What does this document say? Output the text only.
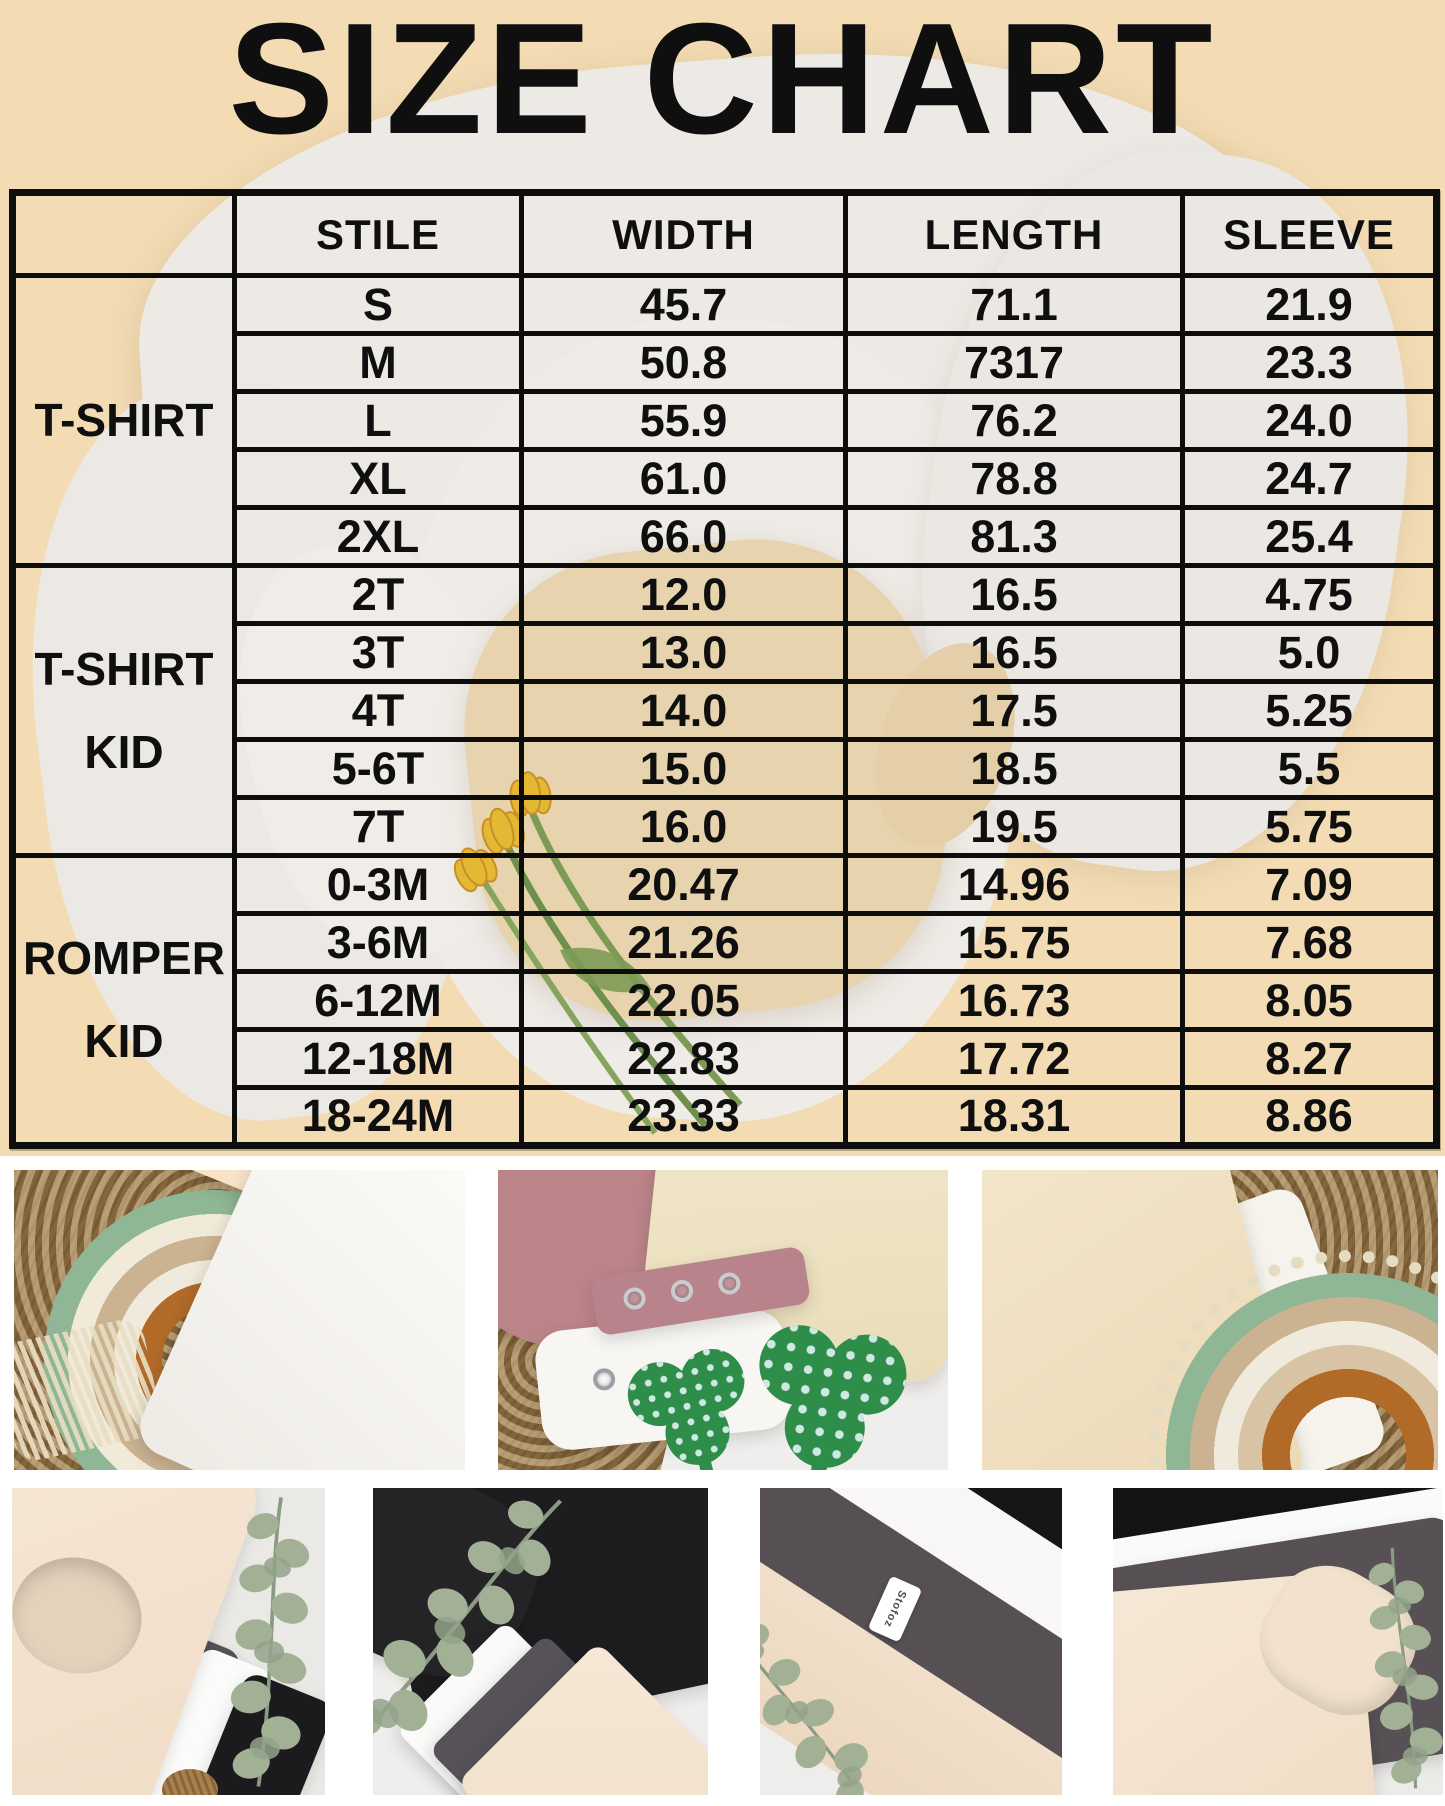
SIZE CHART
	STILE	WIDTH	LENGTH	SLEEVE
T-SHIRT	S	45.7	71.1	21.9
	M	50.8	7317	23.3
	L	55.9	76.2	24.0
	XL	61.0	78.8	24.7
	2XL	66.0	81.3	25.4
T-SHIRT KID	2T	12.0	16.5	4.75
	3T	13.0	16.5	5.0
	4T	14.0	17.5	5.25
	5-6T	15.0	18.5	5.5
	7T	16.0	19.5	5.75
ROMPER KID	0-3M	20.47	14.96	7.09
	3-6M	21.26	15.75	7.68
	6-12M	22.05	16.73	8.05
	12-18M	22.83	17.72	8.27
	18-24M	23.33	18.31	8.86
Stofoz
